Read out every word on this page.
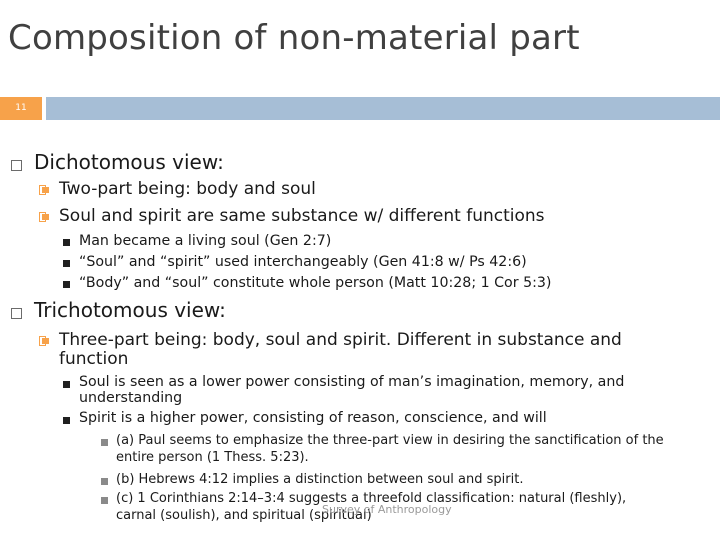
Composition of non-material part
11
Dichotomous view:
Two-part being: body and soul
Soul and spirit are same substance w/ different functions
Man became a living soul (Gen 2:7)
“Soul” and “spirit” used interchangeably (Gen 41:8 w/ Ps 42:6)
“Body” and “soul” constitute whole person (Matt 10:28; 1 Cor 5:3)
Trichotomous view:
Three-part being: body, soul and spirit. Different in substance and
function
Soul is seen as a lower power consisting of man’s imagination, memory, and
understanding
Spirit is a higher power, consisting of reason, conscience, and will
(a) Paul seems to emphasize the three-part view in desiring the sanctification of the
entire person (1 Thess. 5:23).
(b) Hebrews 4:12 implies a distinction between soul and spirit.
(c) 1 Corinthians 2:14–3:4 suggests a threefold classification: natural (fleshly),
carnal (soulish), and spiritual (spiritual)
Survey of Anthropology
